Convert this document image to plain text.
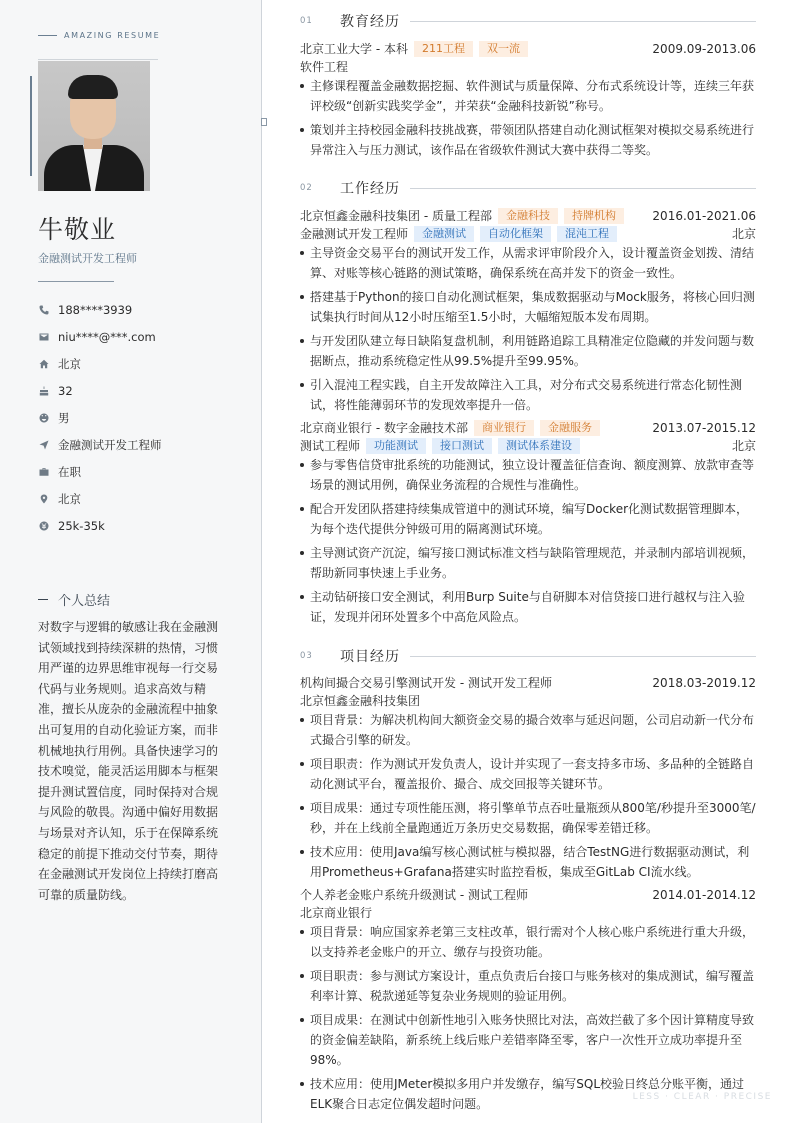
AMAZING RESUME
牛敬业
金融测试开发工程师
188****3939
niu****@***.com
北京
32
男
金融测试开发工程师
在职
北京
25k-35k
个人总结
对数字与逻辑的敏感让我在金融测试领域找到持续深耕的热情，习惯用严谨的边界思维审视每一行交易代码与业务规则。追求高效与精准，擅长从庞杂的金融流程中抽象出可复用的自动化验证方案，而非机械地执行用例。具备快速学习的技术嗅觉，能灵活运用脚本与框架提升测试置信度，同时保持对合规与风险的敬畏。沟通中偏好用数据与场景对齐认知，乐于在保障系统稳定的前提下推动交付节奏，期待在金融测试开发岗位上持续打磨高可靠的质量防线。
01	教育经历
北京工业大学 - 本科	211工程	双一流	2009.09-2013.06
软件工程
主修课程覆盖金融数据挖掘、软件测试与质量保障、分布式系统设计等，连续三年获评校级“创新实践奖学金”，并荣获“金融科技新锐”称号。
策划并主持校园金融科技挑战赛，带领团队搭建自动化测试框架对模拟交易系统进行异常注入与压力测试，该作品在省级软件测试大赛中获得二等奖。
02	工作经历
北京恒鑫金融科技集团 - 质量工程部	金融科技	持牌机构	2016.01-2021.06
金融测试开发工程师	金融测试	自动化框架	混沌工程	北京
主导资金交易平台的测试开发工作，从需求评审阶段介入，设计覆盖资金划拨、清结算、对账等核心链路的测试策略，确保系统在高并发下的资金一致性。
搭建基于Python的接口自动化测试框架，集成数据驱动与Mock服务，将核心回归测试集执行时间从12小时压缩至1.5小时，大幅缩短版本发布周期。
与开发团队建立每日缺陷复盘机制，利用链路追踪工具精准定位隐藏的并发问题与数据断点，推动系统稳定性从99.5%提升至99.95%。
引入混沌工程实践，自主开发故障注入工具，对分布式交易系统进行常态化韧性测试，将性能薄弱环节的发现效率提升一倍。
北京商业银行 - 数字金融技术部	商业银行	金融服务	2013.07-2015.12
测试工程师	功能测试	接口测试	测试体系建设	北京
参与零售信贷审批系统的功能测试，独立设计覆盖征信查询、额度测算、放款审查等场景的测试用例，确保业务流程的合规性与准确性。
配合开发团队搭建持续集成管道中的测试环境，编写Docker化测试数据管理脚本，为每个迭代提供分钟级可用的隔离测试环境。
主导测试资产沉淀，编写接口测试标准文档与缺陷管理规范，并录制内部培训视频，帮助新同事快速上手业务。
主动钻研接口安全测试，利用Burp Suite与自研脚本对信贷接口进行越权与注入验证，发现并闭环处置多个中高危风险点。
03	项目经历
机构间撮合交易引擎测试开发 - 测试开发工程师	2018.03-2019.12
北京恒鑫金融科技集团
项目背景：为解决机构间大额资金交易的撮合效率与延迟问题，公司启动新一代分布式撮合引擎的研发。
项目职责：作为测试开发负责人，设计并实现了一套支持多市场、多品种的全链路自动化测试平台，覆盖报价、撮合、成交回报等关键环节。
项目成果：通过专项性能压测，将引擎单节点吞吐量瓶颈从800笔/秒提升至3000笔/秒，并在上线前全量跑通近万条历史交易数据，确保零差错迁移。
技术应用：使用Java编写核心测试桩与模拟器，结合TestNG进行数据驱动测试，利用Prometheus+Grafana搭建实时监控看板，集成至GitLab CI流水线。
个人养老金账户系统升级测试 - 测试工程师	2014.01-2014.12
北京商业银行
项目背景：响应国家养老第三支柱改革，银行需对个人核心账户系统进行重大升级，以支持养老金账户的开立、缴存与投资功能。
项目职责：参与测试方案设计，重点负责后台接口与账务核对的集成测试，编写覆盖利率计算、税款递延等复杂业务规则的验证用例。
项目成果：在测试中创新性地引入账务快照比对法，高效拦截了多个因计算精度导致的资金偏差缺陷，新系统上线后账户差错率降至零，客户一次性开立成功率提升至98%。
技术应用：使用JMeter模拟多用户并发缴存，编写SQL校验日终总分账平衡，通过ELK聚合日志定位偶发超时问题。	LESS · CLEAR · PRECISE
